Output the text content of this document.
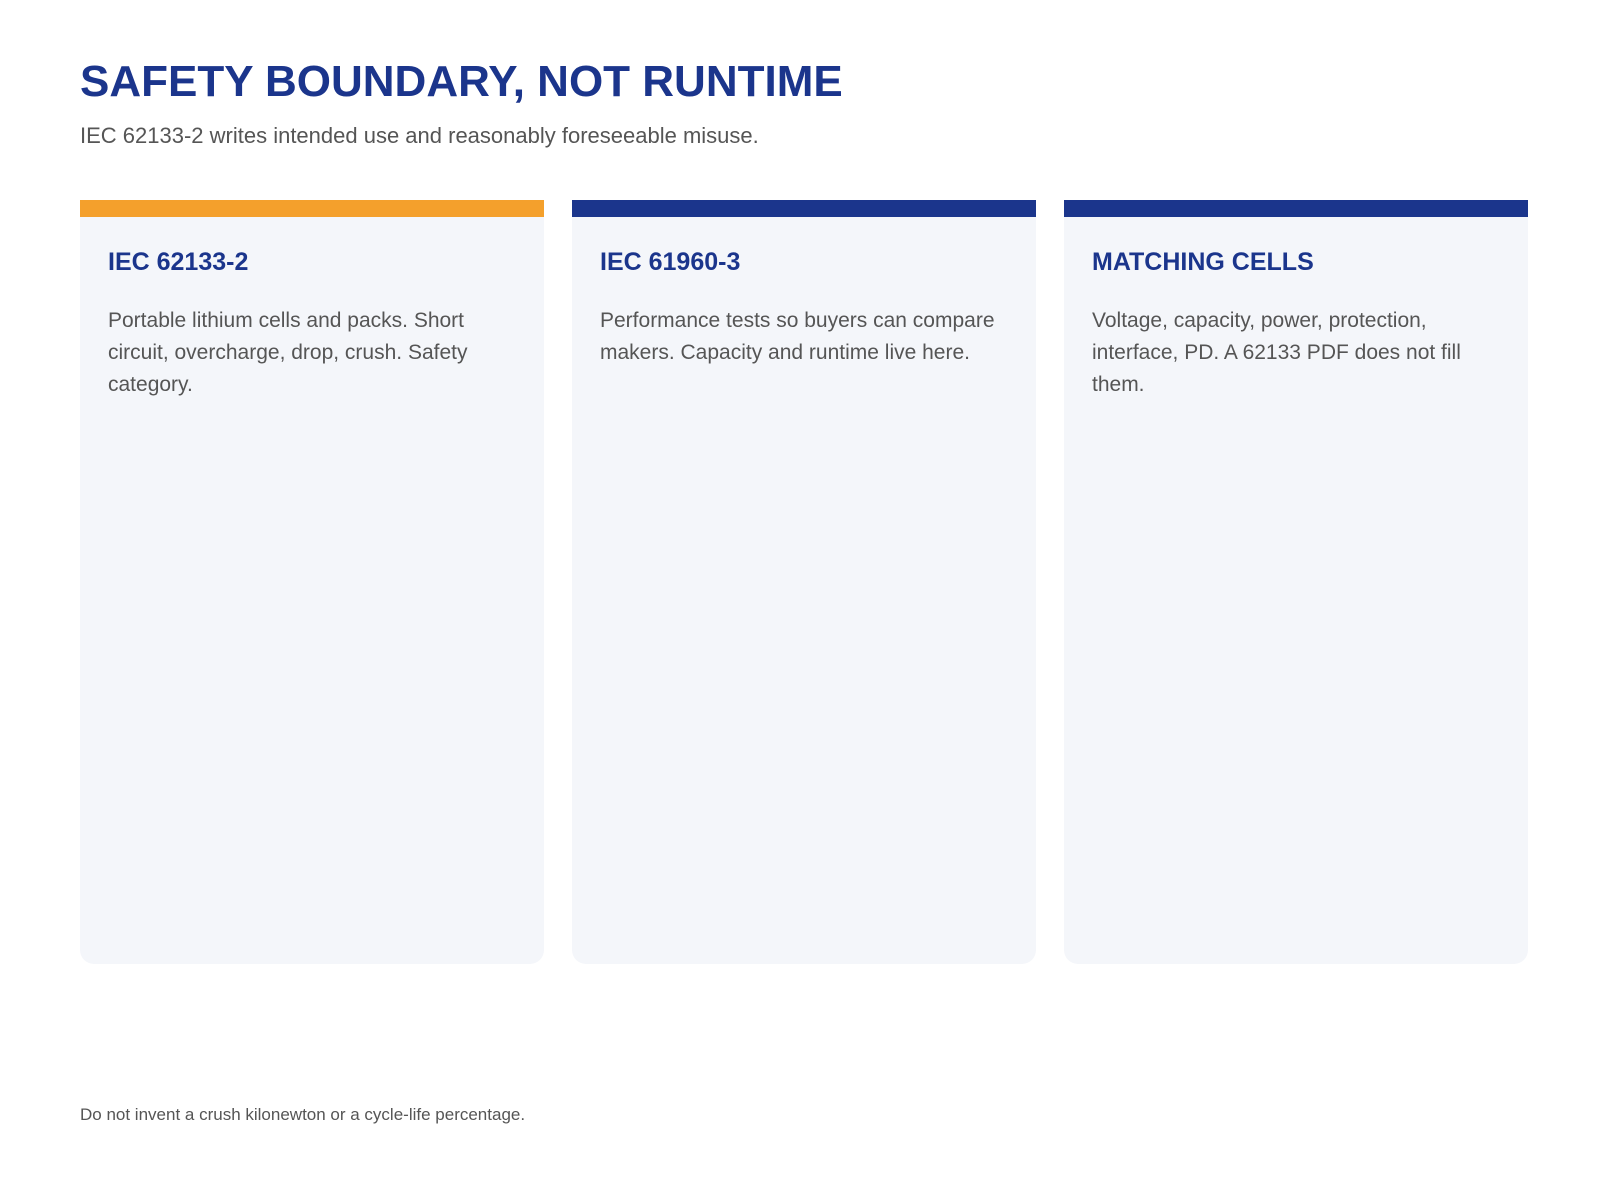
SAFETY BOUNDARY, NOT RUNTIME

IEC 62133-2 writes intended use and reasonably foreseeable misuse.

IEC 62133-2

Portable lithium cells and packs. Short circuit, overcharge, drop, crush. Safety category.

IEC 61960-3

Performance tests so buyers can compare makers. Capacity and runtime live here.

MATCHING CELLS

Voltage, capacity, power, protection, interface, PD. A 62133 PDF does not fill them.

Do not invent a crush kilonewton or a cycle-life percentage.
